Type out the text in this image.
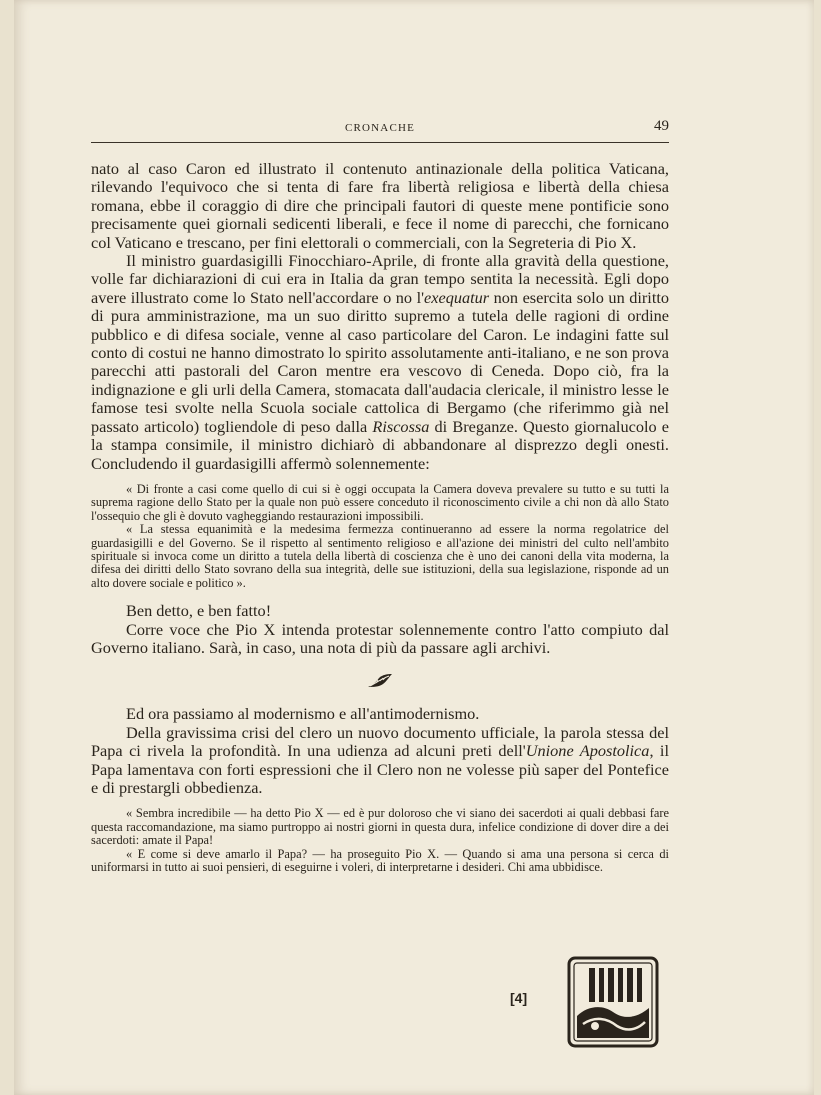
CRONACHE	49

nato al caso Caron ed illustrato il contenuto antinazionale della politica Vaticana, rilevando l'equivoco che si tenta di fare fra libertà religiosa e libertà della chiesa romana, ebbe il coraggio di dire che principali fautori di queste mene pontificie sono precisamente quei giornali sedicenti liberali, e fece il nome di parecchi, che fornicano col Vaticano e trescano, per fini elettorali o commerciali, con la Segreteria di Pio X.

Il ministro guardasigilli Finocchiaro-Aprile, di fronte alla gravità della questione, volle far dichiarazioni di cui era in Italia da gran tempo sentita la necessità. Egli dopo avere illustrato come lo Stato nell'accordare o no l'exequatur non esercita solo un diritto di pura amministrazione, ma un suo diritto supremo a tutela delle ragioni di ordine pubblico e di difesa sociale, venne al caso particolare del Caron. Le indagini fatte sul conto di costui ne hanno dimostrato lo spirito assolutamente anti-italiano, e ne son prova parecchi atti pastorali del Caron mentre era vescovo di Ceneda. Dopo ciò, fra la indignazione e gli urli della Camera, stomacata dall'audacia clericale, il ministro lesse le famose tesi svolte nella Scuola sociale cattolica di Bergamo (che riferimmo già nel passato articolo) togliendole di peso dalla Riscossa di Breganze. Questo giornalucolo e la stampa consimile, il ministro dichiarò di abbandonare al disprezzo degli onesti. Concludendo il guardasigilli affermò solennemente:

« Di fronte a casi come quello di cui si è oggi occupata la Camera doveva prevalere su tutto e su tutti la suprema ragione dello Stato per la quale non può essere conceduto il riconoscimento civile a chi non dà allo Stato l'ossequio che gli è dovuto vagheggiando restaurazioni impossibili.

« La stessa equanimità e la medesima fermezza continueranno ad essere la norma regolatrice del guardasigilli e del Governo. Se il rispetto al sentimento religioso e all'azione dei ministri del culto nell'ambito spirituale si invoca come un diritto a tutela della libertà di coscienza che è uno dei canoni della vita moderna, la difesa dei diritti dello Stato sovrano della sua integrità, delle sue istituzioni, della sua legislazione, risponde ad un alto dovere sociale e politico ».

Ben detto, e ben fatto!

Corre voce che Pio X intenda protestar solennemente contro l'atto compiuto dal Governo italiano. Sarà, in caso, una nota di più da passare agli archivi.

Ed ora passiamo al modernismo e all'antimodernismo.

Della gravissima crisi del clero un nuovo documento ufficiale, la parola stessa del Papa ci rivela la profondità. In una udienza ad alcuni preti dell'Unione Apostolica, il Papa lamentava con forti espressioni che il Clero non ne volesse più saper del Pontefice e di prestargli obbedienza.

« Sembra incredibile — ha detto Pio X — ed è pur doloroso che vi siano dei sacerdoti ai quali debbasi fare questa raccomandazione, ma siamo purtroppo ai nostri giorni in questa dura, infelice condizione di dover dire a dei sacerdoti: amate il Papa!

« E come si deve amarlo il Papa? — ha proseguito Pio X. — Quando si ama una persona si cerca di uniformarsi in tutto ai suoi pensieri, di eseguirne i voleri, di interpretarne i desideri. Chi ama ubbidisce.

[4]
